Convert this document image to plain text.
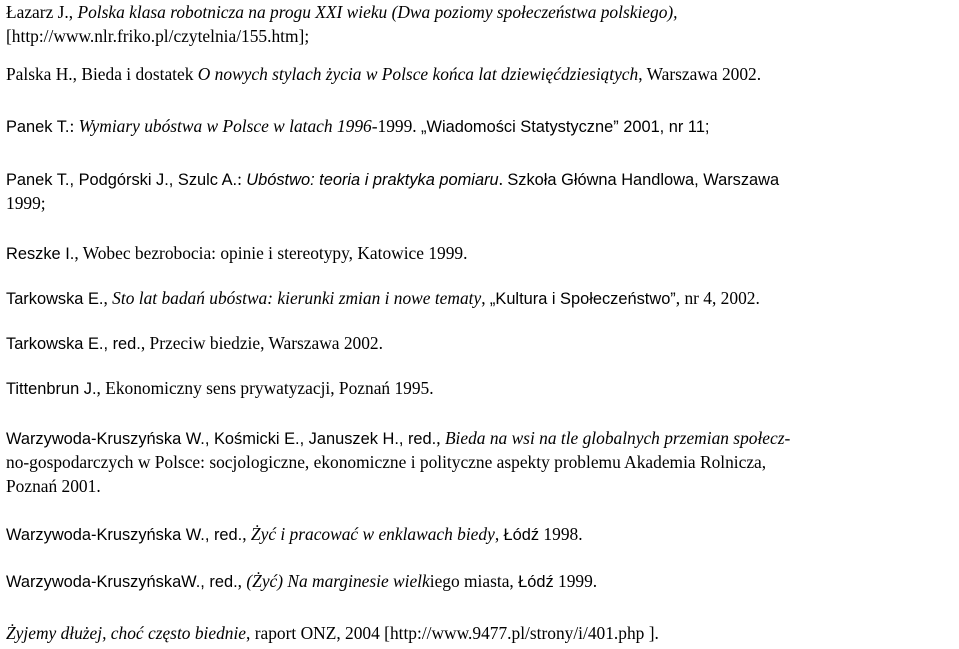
Łazarz J., Polska klasa robotnicza na progu XXI wieku (Dwa poziomy społeczeństwa polskiego),
[http://www.nlr.friko.pl/czytelnia/155.htm];

Palska H., Bieda i dostatek O nowych stylach życia w Polsce końca lat dziewięćdziesiątych, Warszawa 2002.

Panek T.: Wymiary ubóstwa w Polsce w latach 1996-1999. „Wiadomości Statystyczne” 2001, nr 11;

Panek T., Podgórski J., Szulc A.: Ubóstwo: teoria i praktyka pomiaru. Szkoła Główna Handlowa, Warszawa
1999;

Reszke I., Wobec bezrobocia: opinie i stereotypy, Katowice 1999.

Tarkowska E., Sto lat badań ubóstwa: kierunki zmian i nowe tematy, „Kultura i Społeczeństwo”, nr 4, 2002.

Tarkowska E., red., Przeciw biedzie, Warszawa 2002.

Tittenbrun J., Ekonomiczny sens prywatyzacji, Poznań 1995.

Warzywoda-Kruszyńska W., Kośmicki E., Januszek H., red., Bieda na wsi na tle globalnych przemian społecz-
no-gospodarczych w Polsce: socjologiczne, ekonomiczne i polityczne aspekty problemu Akademia Rolnicza,
Poznań 2001.

Warzywoda-Kruszyńska W., red., Żyć i pracować w enklawach biedy, Łódź 1998.

Warzywoda-KruszyńskaW., red., (Żyć) Na marginesie wielkiego miasta, Łódź 1999.

Żyjemy dłużej, choć często biednie, raport ONZ, 2004 [http://www.9477.pl/strony/i/401.php ].
